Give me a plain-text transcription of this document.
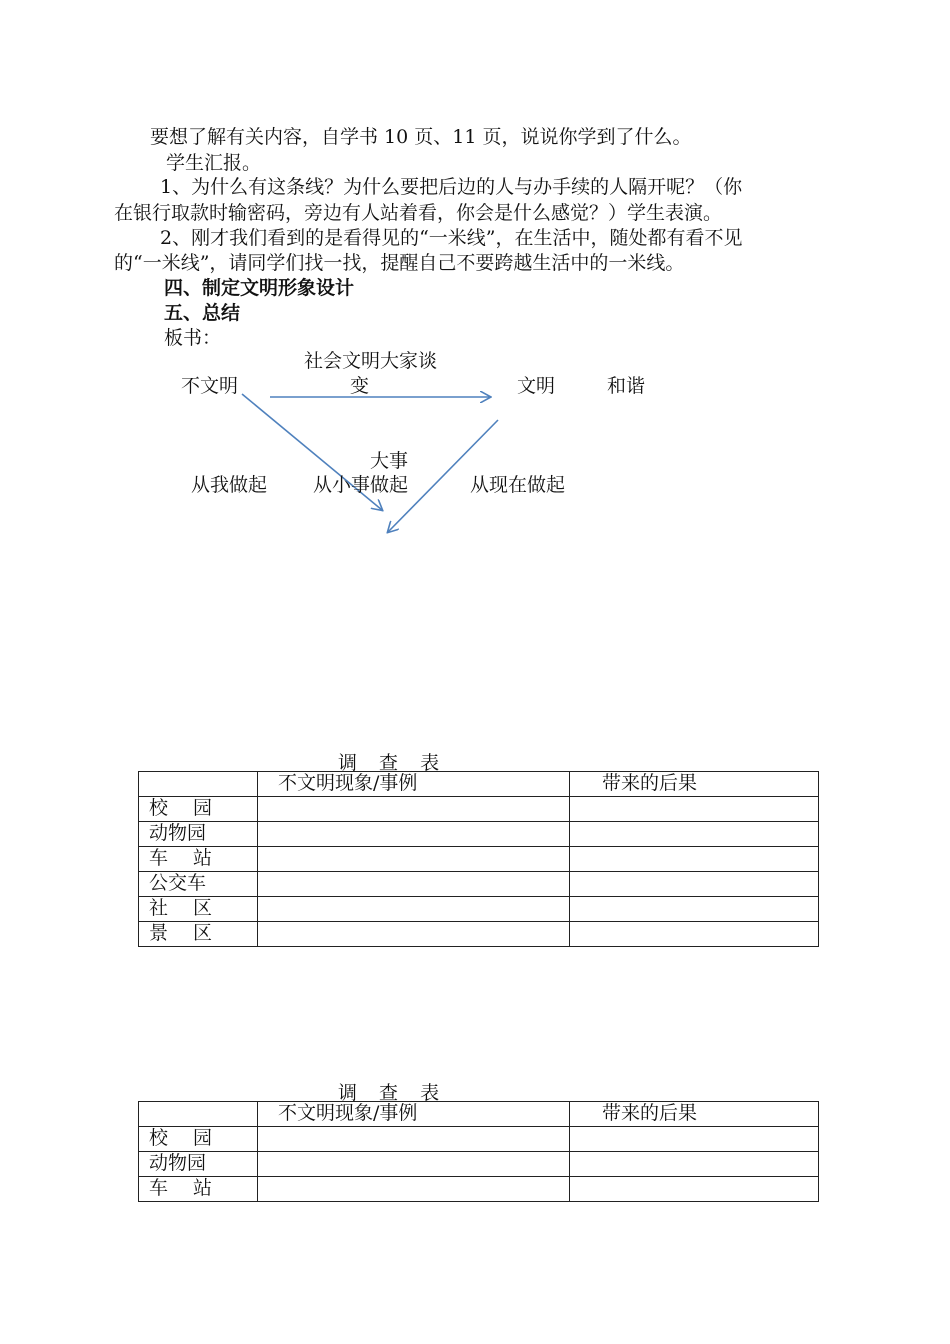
要想了解有关内容，自学书 10 页、11 页，说说你学到了什么。
学生汇报。
1、为什么有这条线？为什么要把后边的人与办手续的人隔开呢？（你
在银行取款时输密码，旁边有人站着看，你会是什么感觉？）学生表演。
2、刚才我们看到的是看得见的“一米线”，在生活中，随处都有看不见
的“一米线”，请同学们找一找，提醒自己不要跨越生活中的一米线。
四、制定文明形象设计
五、总结
板书：
社会文明大家谈
不文明	变	文明	和谐
大事
从我做起 从小事做起	从现在做起
调 查 表
	不文明现象/事例	带来的后果
校　 园		
动物园		
车　 站		
公交车		
社　 区		
景　 区		
调 查 表
	不文明现象/事例	带来的后果
校　 园		
动物园		
车　 站		
